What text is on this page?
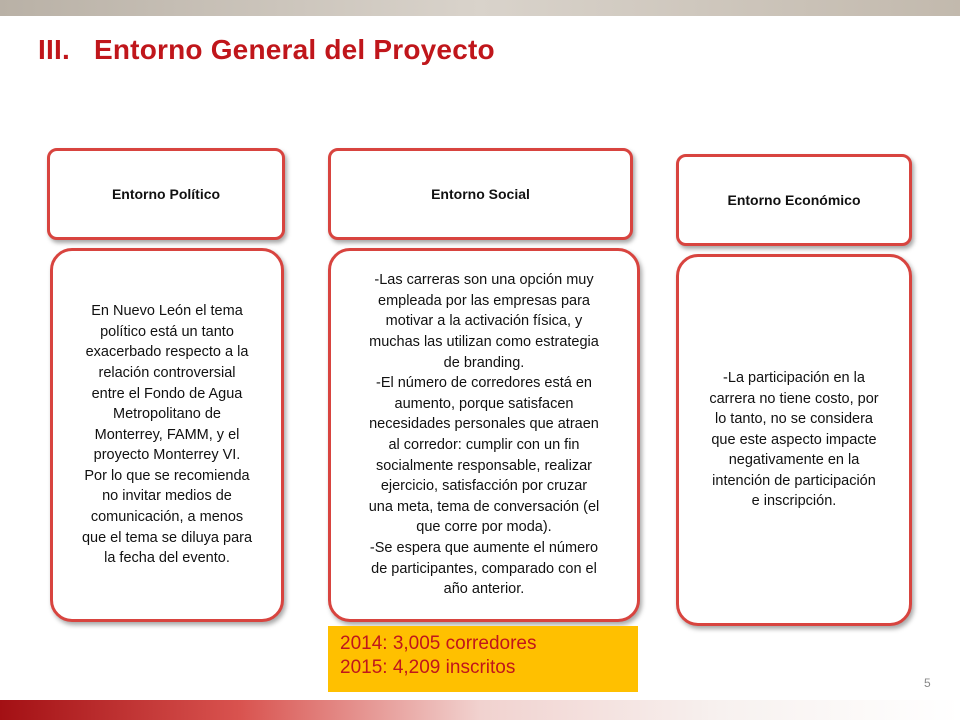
III. Entorno General del Proyecto
Entorno Político
En Nuevo León el tema
político está un tanto
exacerbado respecto a la
relación controversial
entre el Fondo de Agua
Metropolitano de
Monterrey, FAMM, y el
proyecto Monterrey VI.
Por lo que se recomienda
no invitar medios de
comunicación, a menos
que el tema se diluya para
la fecha del evento.
Entorno Social
-Las carreras son una opción muy
empleada por las empresas para
motivar a la activación física, y
muchas las utilizan como estrategia
de branding.
-El número de corredores está en
aumento, porque satisfacen
necesidades personales que atraen
al corredor: cumplir con un fin
socialmente responsable, realizar
ejercicio, satisfacción por cruzar
una meta, tema de conversación (el
que corre por moda).
-Se espera que aumente el número
de participantes, comparado con el
año anterior.
Entorno Económico
-La participación en la
carrera no tiene costo, por
lo tanto, no se considera
que este aspecto impacte
negativamente en la
intención de participación
e inscripción.
2014: 3,005 corredores
2015: 4,209 inscritos
5
